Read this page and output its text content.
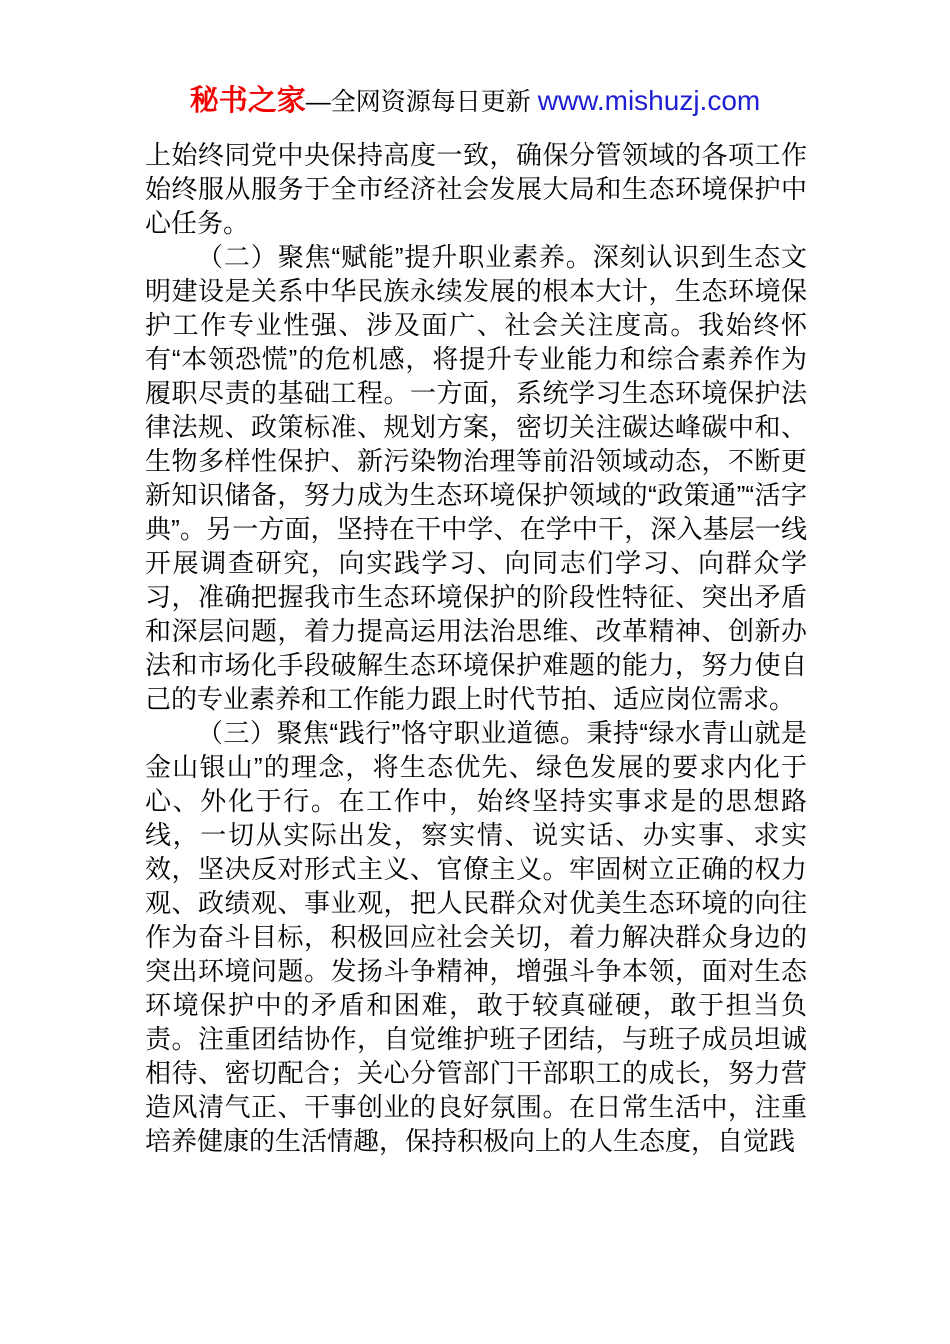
秘书之家—全网资源每日更新 www.mishuzj.com

上始终同党中央保持高度一致，确保分管领域的各项工作始终服从服务于全市经济社会发展大局和生态环境保护中心任务。

（二）聚焦“赋能”提升职业素养。深刻认识到生态文明建设是关系中华民族永续发展的根本大计，生态环境保护工作专业性强、涉及面广、社会关注度高。我始终怀有“本领恐慌”的危机感，将提升专业能力和综合素养作为履职尽责的基础工程。一方面，系统学习生态环境保护法律法规、政策标准、规划方案，密切关注碳达峰碳中和、生物多样性保护、新污染物治理等前沿领域动态，不断更新知识储备，努力成为生态环境保护领域的“政策通”“活字典”。另一方面，坚持在干中学、在学中干，深入基层一线开展调查研究，向实践学习、向同志们学习、向群众学习，准确把握我市生态环境保护的阶段性特征、突出矛盾和深层问题，着力提高运用法治思维、改革精神、创新办法和市场化手段破解生态环境保护难题的能力，努力使自己的专业素养和工作能力跟上时代节拍、适应岗位需求。

（三）聚焦“践行”恪守职业道德。秉持“绿水青山就是金山银山”的理念，将生态优先、绿色发展的要求内化于心、外化于行。在工作中，始终坚持实事求是的思想路线，一切从实际出发，察实情、说实话、办实事、求实效，坚决反对形式主义、官僚主义。牢固树立正确的权力观、政绩观、事业观，把人民群众对优美生态环境的向往作为奋斗目标，积极回应社会关切，着力解决群众身边的突出环境问题。发扬斗争精神，增强斗争本领，面对生态环境保护中的矛盾和困难，敢于较真碰硬，敢于担当负责。注重团结协作，自觉维护班子团结，与班子成员坦诚相待、密切配合；关心分管部门干部职工的成长，努力营造风清气正、干事创业的良好氛围。在日常生活中，注重培养健康的生活情趣，保持积极向上的人生态度，自觉践
